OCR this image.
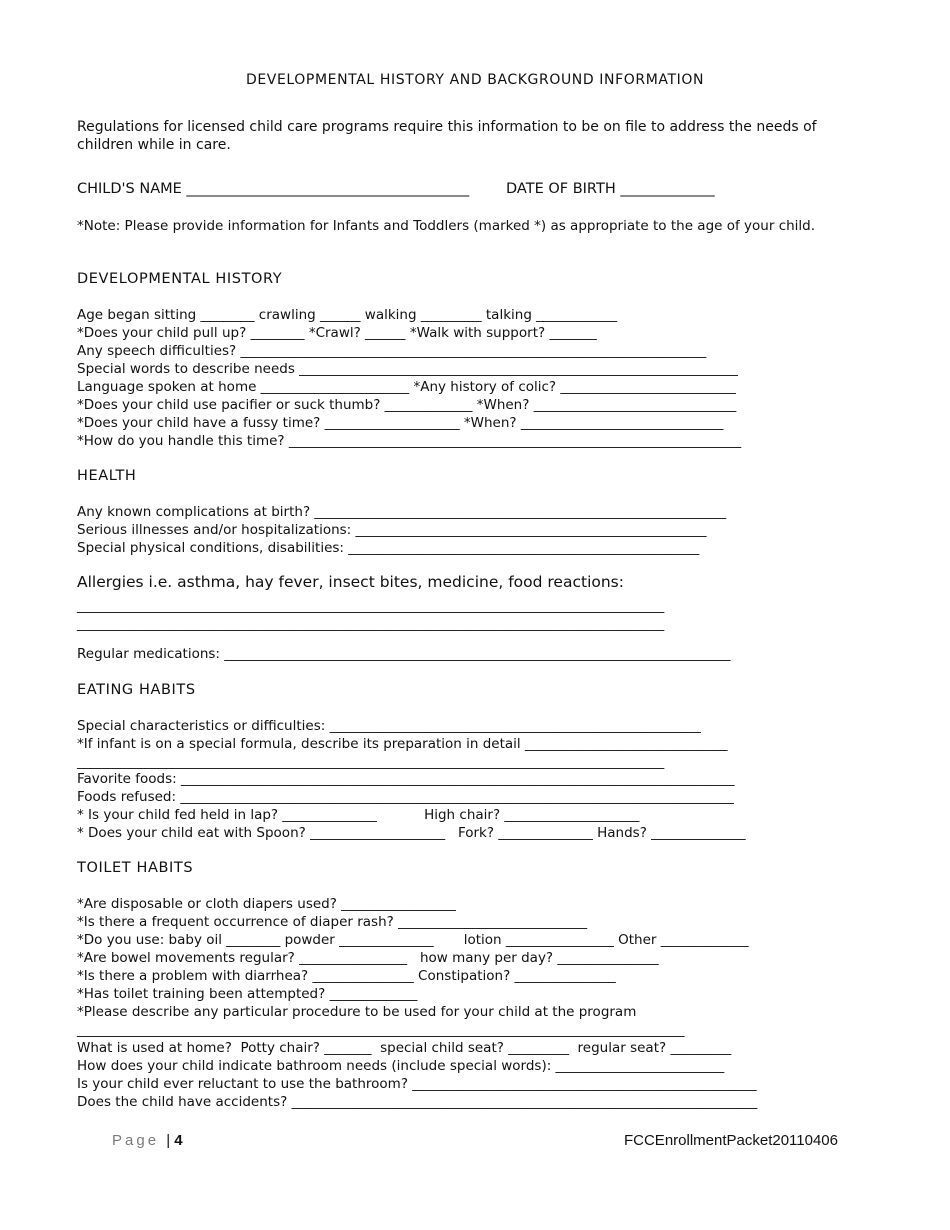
DEVELOPMENTAL HISTORY AND BACKGROUND INFORMATION
Regulations for licensed child care programs require this information to be on file to address the needs of children while in care.
CHILD'S NAME _______________________________________        DATE OF BIRTH _____________
*Note: Please provide information for Infants and Toddlers (marked *) as appropriate to the age of your child.
DEVELOPMENTAL HISTORY
Age began sitting ________ crawling ______ walking _________ talking ____________
*Does your child pull up? ________ *Crawl? ______ *Walk with support? _______
Any speech difficulties? _____________________________________________________________________
Special words to describe needs _________________________________________________________________
Language spoken at home ______________________ *Any history of colic? __________________________
*Does your child use pacifier or suck thumb? _____________ *When? ______________________________
*Does your child have a fussy time? ____________________ *When? ______________________________
*How do you handle this time? ___________________________________________________________________
HEALTH
Any known complications at birth? _____________________________________________________________
Serious illnesses and/or hospitalizations: ____________________________________________________
Special physical conditions, disabilities: ____________________________________________________
Allergies i.e. asthma, hay fever, insect bites, medicine, food reactions:
_______________________________________________________________________________________
_______________________________________________________________________________________
Regular medications: ___________________________________________________________________________
EATING HABITS
Special characteristics or difficulties: _______________________________________________________
*If infant is on a special formula, describe its preparation in detail ______________________________
_______________________________________________________________________________________
Favorite foods: __________________________________________________________________________________
Foods refused: __________________________________________________________________________________
* Is your child fed held in lap? ______________           High chair? ____________________
* Does your child eat with Spoon? ____________________   Fork? ______________ Hands? ______________
TOILET HABITS
*Are disposable or cloth diapers used? _________________
*Is there a frequent occurrence of diaper rash? ____________________________
*Do you use: baby oil ________ powder ______________       lotion ________________ Other _____________
*Are bowel movements regular? ________________   how many per day? _______________
*Is there a problem with diarrhea? _______________ Constipation? _______________
*Has toilet training been attempted? _____________
*Please describe any particular procedure to be used for your child at the program
__________________________________________________________________________________________
What is used at home?  Potty chair? _______  special child seat? _________  regular seat? _________
How does your child indicate bathroom needs (include special words): _________________________
Is your child ever reluctant to use the bathroom? ___________________________________________________
Does the child have accidents? _____________________________________________________________________
Page | 4	FCCEnrollmentPacket20110406
